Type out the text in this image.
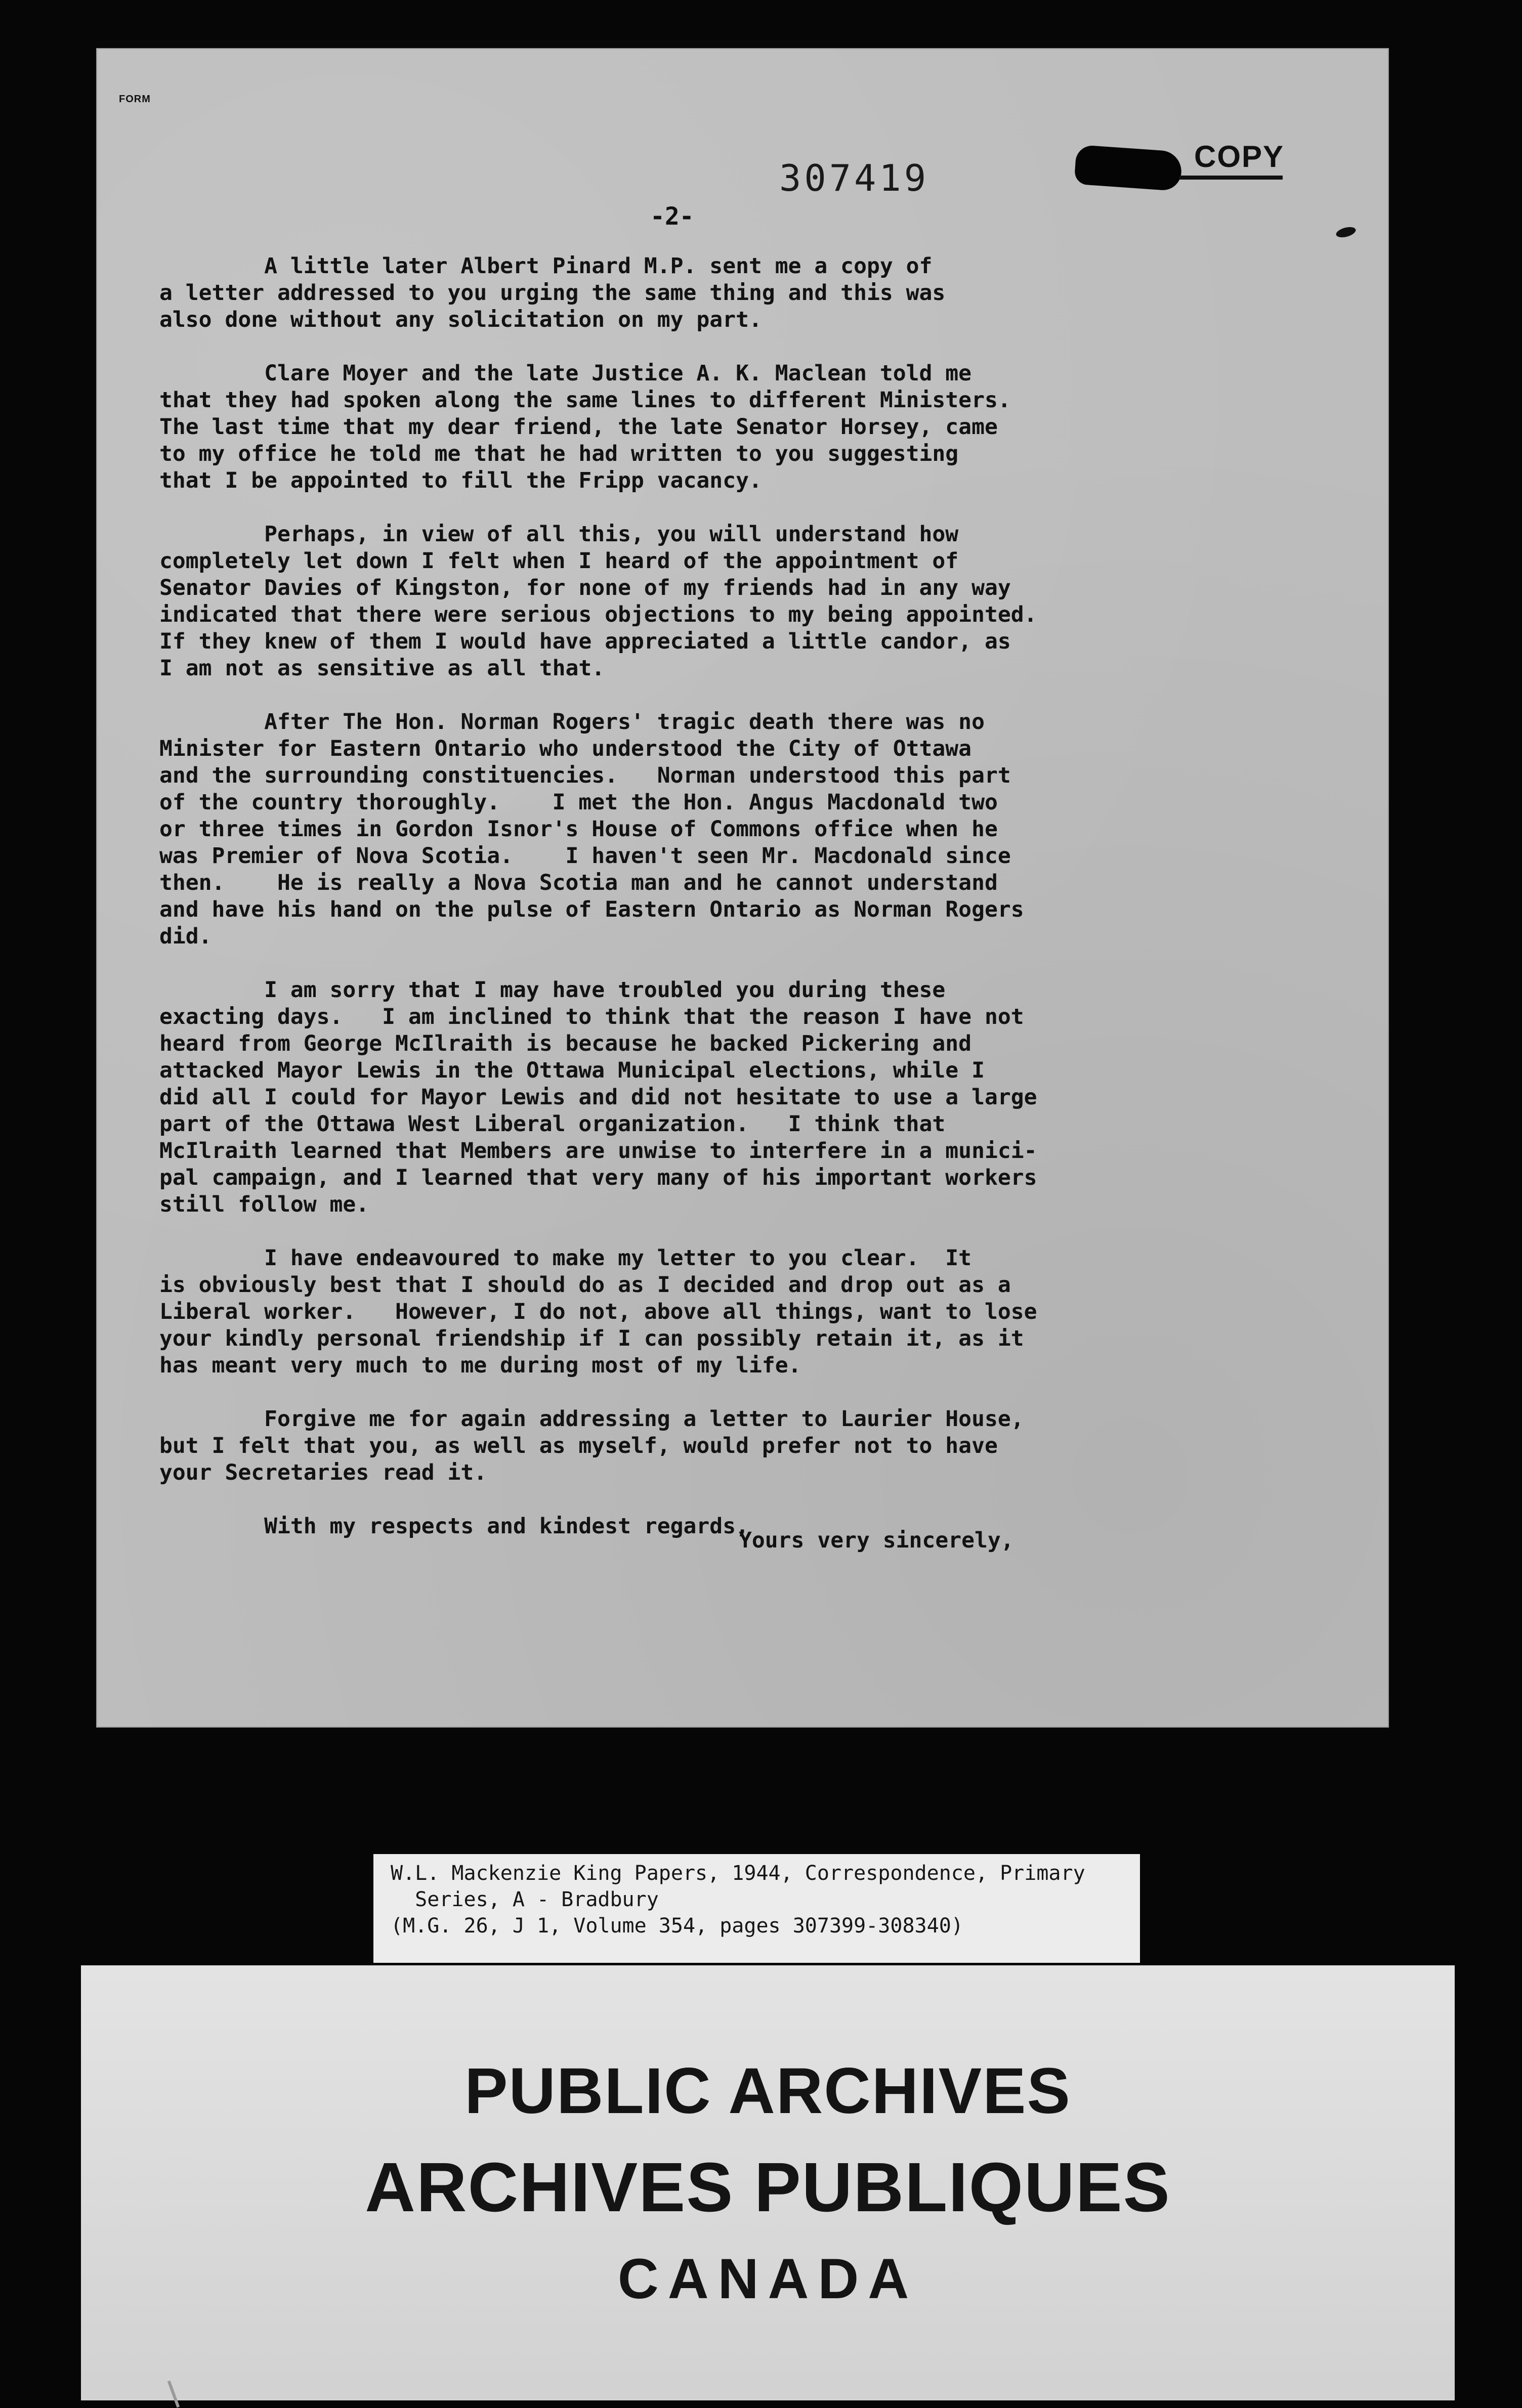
FORM
307419
-2-
COPY
A little later Albert Pinard M.P. sent me a copy of
a letter addressed to you urging the same thing and this was
also done without any solicitation on my part.
Clare Moyer and the late Justice A. K. Maclean told me
that they had spoken along the same lines to different Ministers.
The last time that my dear friend, the late Senator Horsey, came
to my office he told me that he had written to you suggesting
that I be appointed to fill the Fripp vacancy.
Perhaps, in view of all this, you will understand how
completely let down I felt when I heard of the appointment of
Senator Davies of Kingston, for none of my friends had in any way
indicated that there were serious objections to my being appointed.
If they knew of them I would have appreciated a little candor, as
I am not as sensitive as all that.
After The Hon. Norman Rogers' tragic death there was no
Minister for Eastern Ontario who understood the City of Ottawa
and the surrounding constituencies.   Norman understood this part
of the country thoroughly.    I met the Hon. Angus Macdonald two
or three times in Gordon Isnor's House of Commons office when he
was Premier of Nova Scotia.    I haven't seen Mr. Macdonald since
then.    He is really a Nova Scotia man and he cannot understand
and have his hand on the pulse of Eastern Ontario as Norman Rogers
did.
I am sorry that I may have troubled you during these
exacting days.   I am inclined to think that the reason I have not
heard from George McIlraith is because he backed Pickering and
attacked Mayor Lewis in the Ottawa Municipal elections, while I
did all I could for Mayor Lewis and did not hesitate to use a large
part of the Ottawa West Liberal organization.   I think that
McIlraith learned that Members are unwise to interfere in a munici-
pal campaign, and I learned that very many of his important workers
still follow me.
I have endeavoured to make my letter to you clear.  It
is obviously best that I should do as I decided and drop out as a
Liberal worker.   However, I do not, above all things, want to lose
your kindly personal friendship if I can possibly retain it, as it
has meant very much to me during most of my life.
Forgive me for again addressing a letter to Laurier House,
but I felt that you, as well as myself, would prefer not to have
your Secretaries read it.
With my respects and kindest regards,
Yours very sincerely,
W.L. Mackenzie King Papers, 1944, Correspondence, Primary
Series, A - Bradbury
(M.G. 26, J 1, Volume 354, pages 307399-308340)
PUBLIC ARCHIVES
ARCHIVES PUBLIQUES
CANADA
